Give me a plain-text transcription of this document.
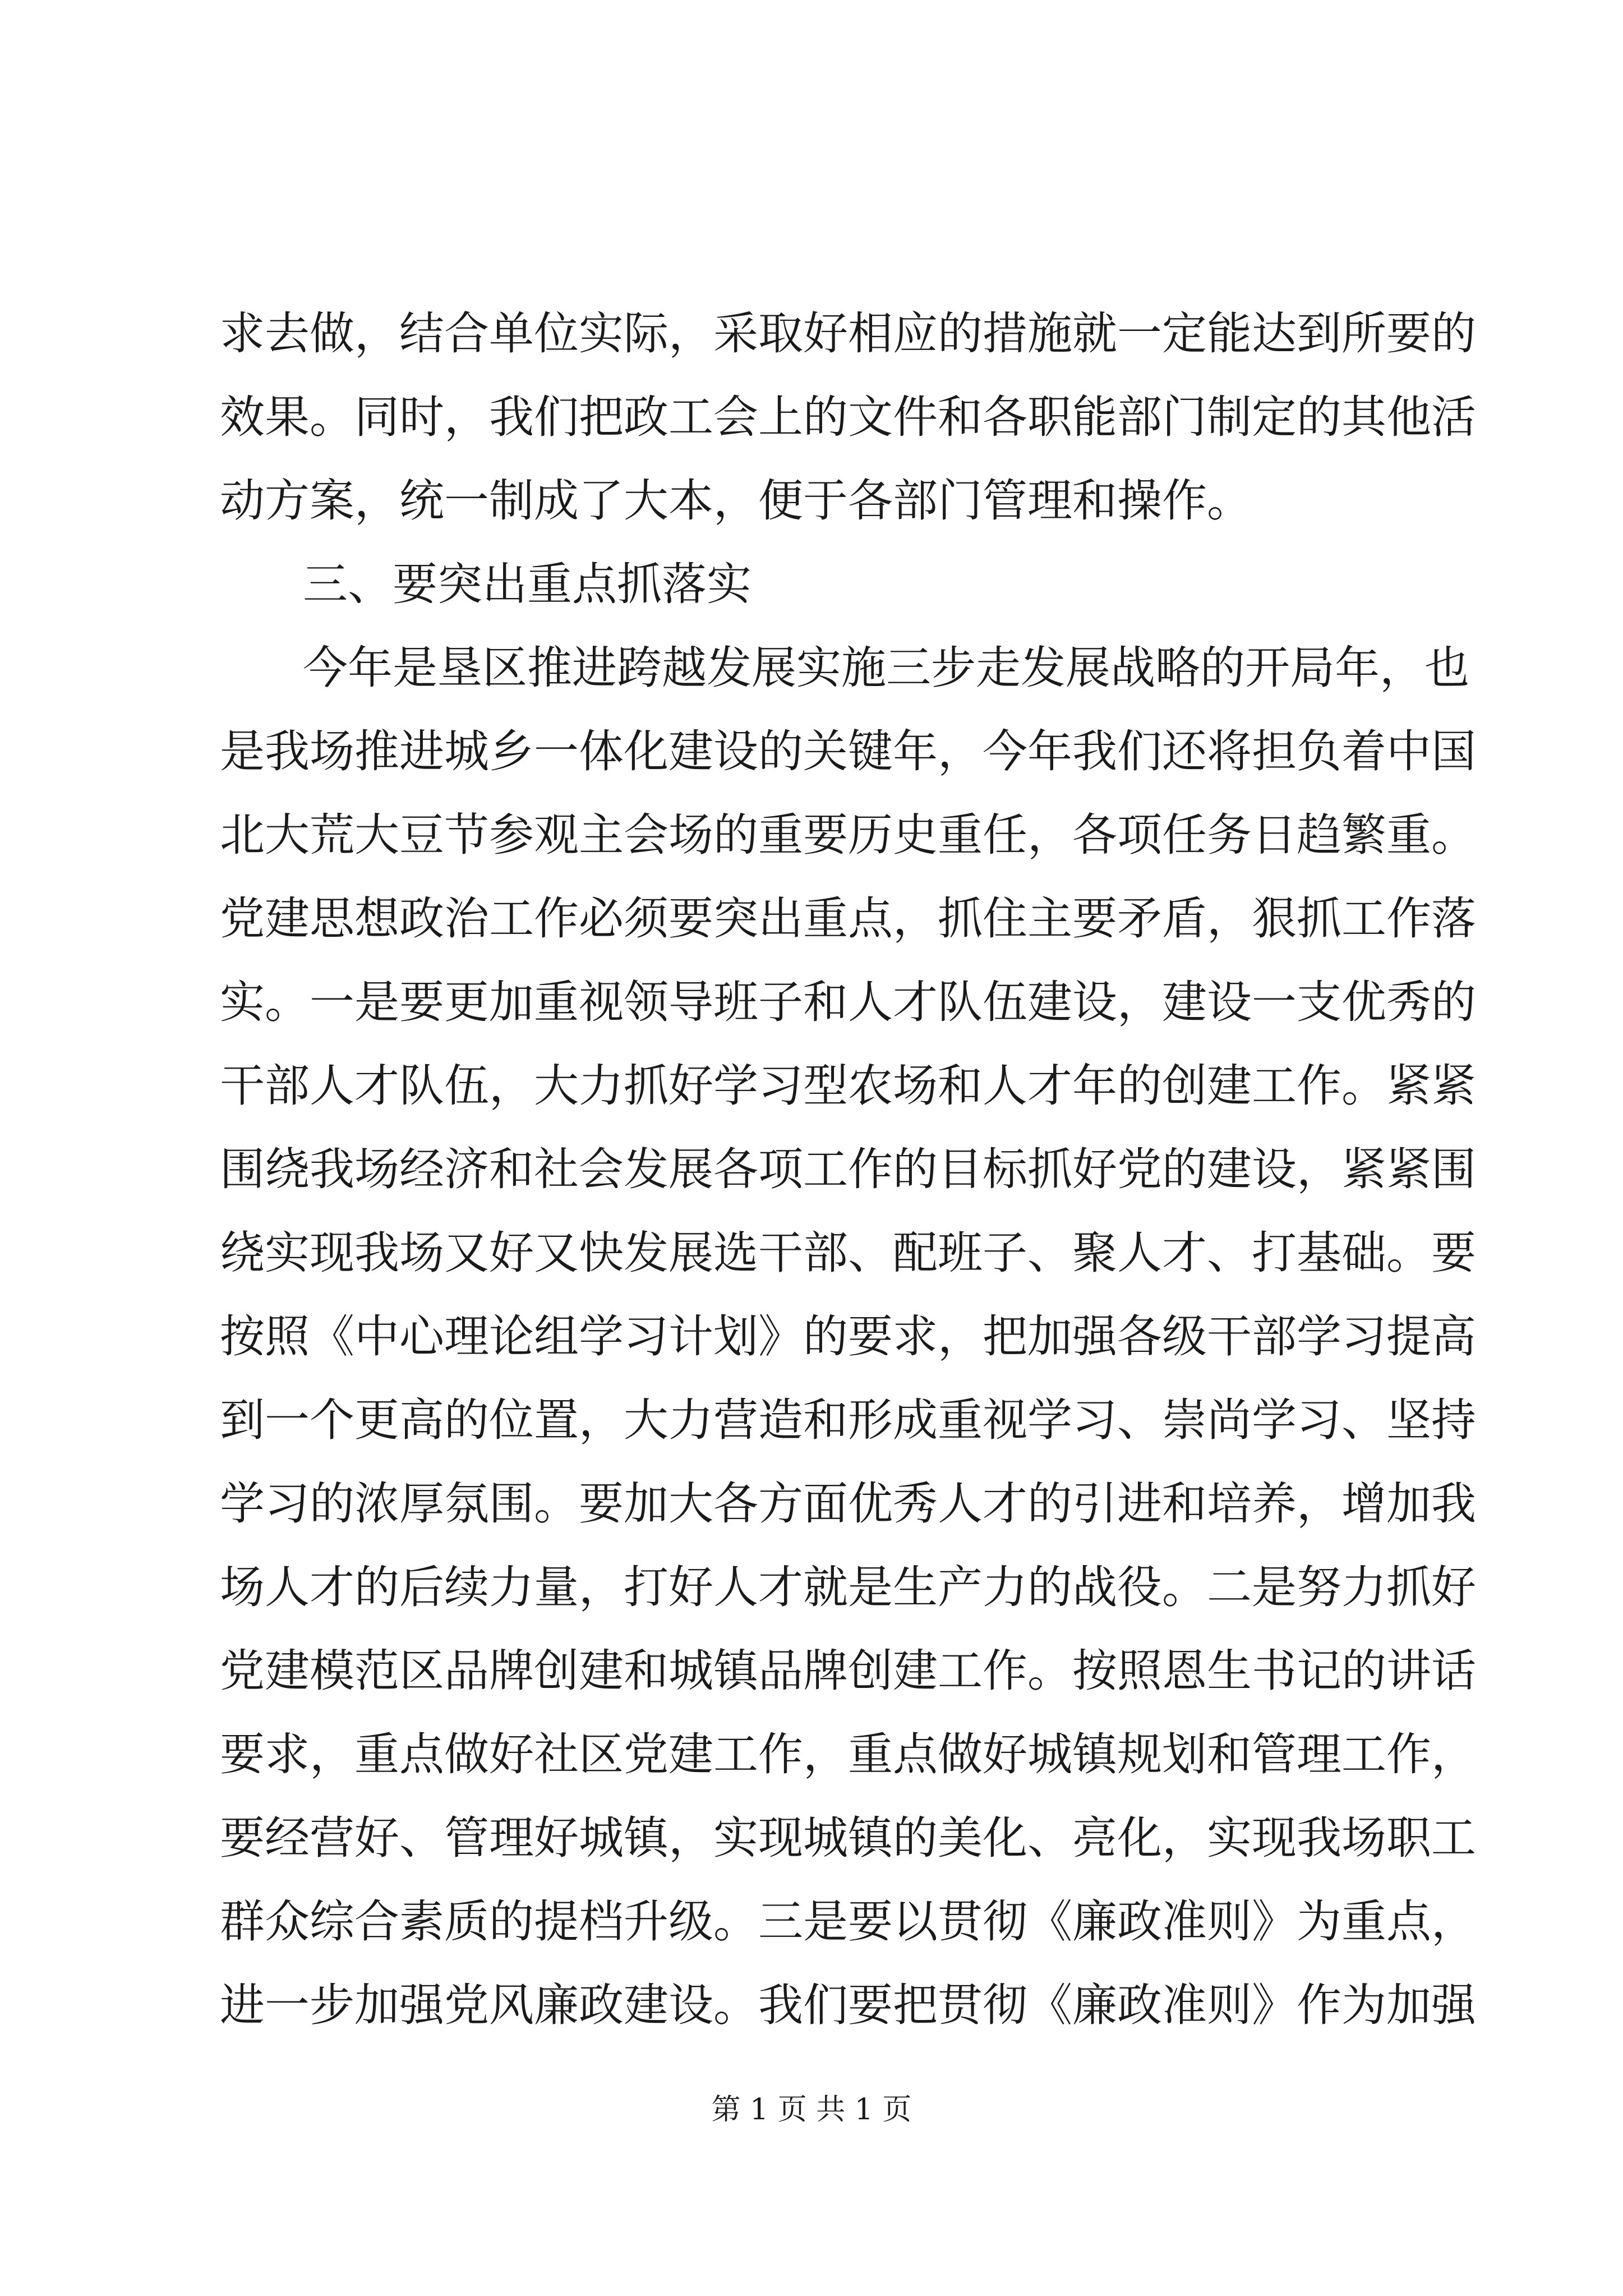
求去做，结合单位实际，采取好相应的措施就一定能达到所要的
效果。同时，我们把政工会上的文件和各职能部门制定的其他活
动方案，统一制成了大本，便于各部门管理和操作。
三、要突出重点抓落实
今年是垦区推进跨越发展实施三步走发展战略的开局年，也
是我场推进城乡一体化建设的关键年，今年我们还将担负着中国
北大荒大豆节参观主会场的重要历史重任，各项任务日趋繁重。
党建思想政治工作必须要突出重点，抓住主要矛盾，狠抓工作落
实。一是要更加重视领导班子和人才队伍建设，建设一支优秀的
干部人才队伍，大力抓好学习型农场和人才年的创建工作。紧紧
围绕我场经济和社会发展各项工作的目标抓好党的建设，紧紧围
绕实现我场又好又快发展选干部、配班子、聚人才、打基础。要
按照《中心理论组学习计划》的要求，把加强各级干部学习提高
到一个更高的位置，大力营造和形成重视学习、崇尚学习、坚持
学习的浓厚氛围。要加大各方面优秀人才的引进和培养，增加我
场人才的后续力量，打好人才就是生产力的战役。二是努力抓好
党建模范区品牌创建和城镇品牌创建工作。按照恩生书记的讲话
要求，重点做好社区党建工作，重点做好城镇规划和管理工作，
要经营好、管理好城镇，实现城镇的美化、亮化，实现我场职工
群众综合素质的提档升级。三是要以贯彻《廉政准则》为重点，
进一步加强党风廉政建设。我们要把贯彻《廉政准则》作为加强
第 1 页 共 1 页
